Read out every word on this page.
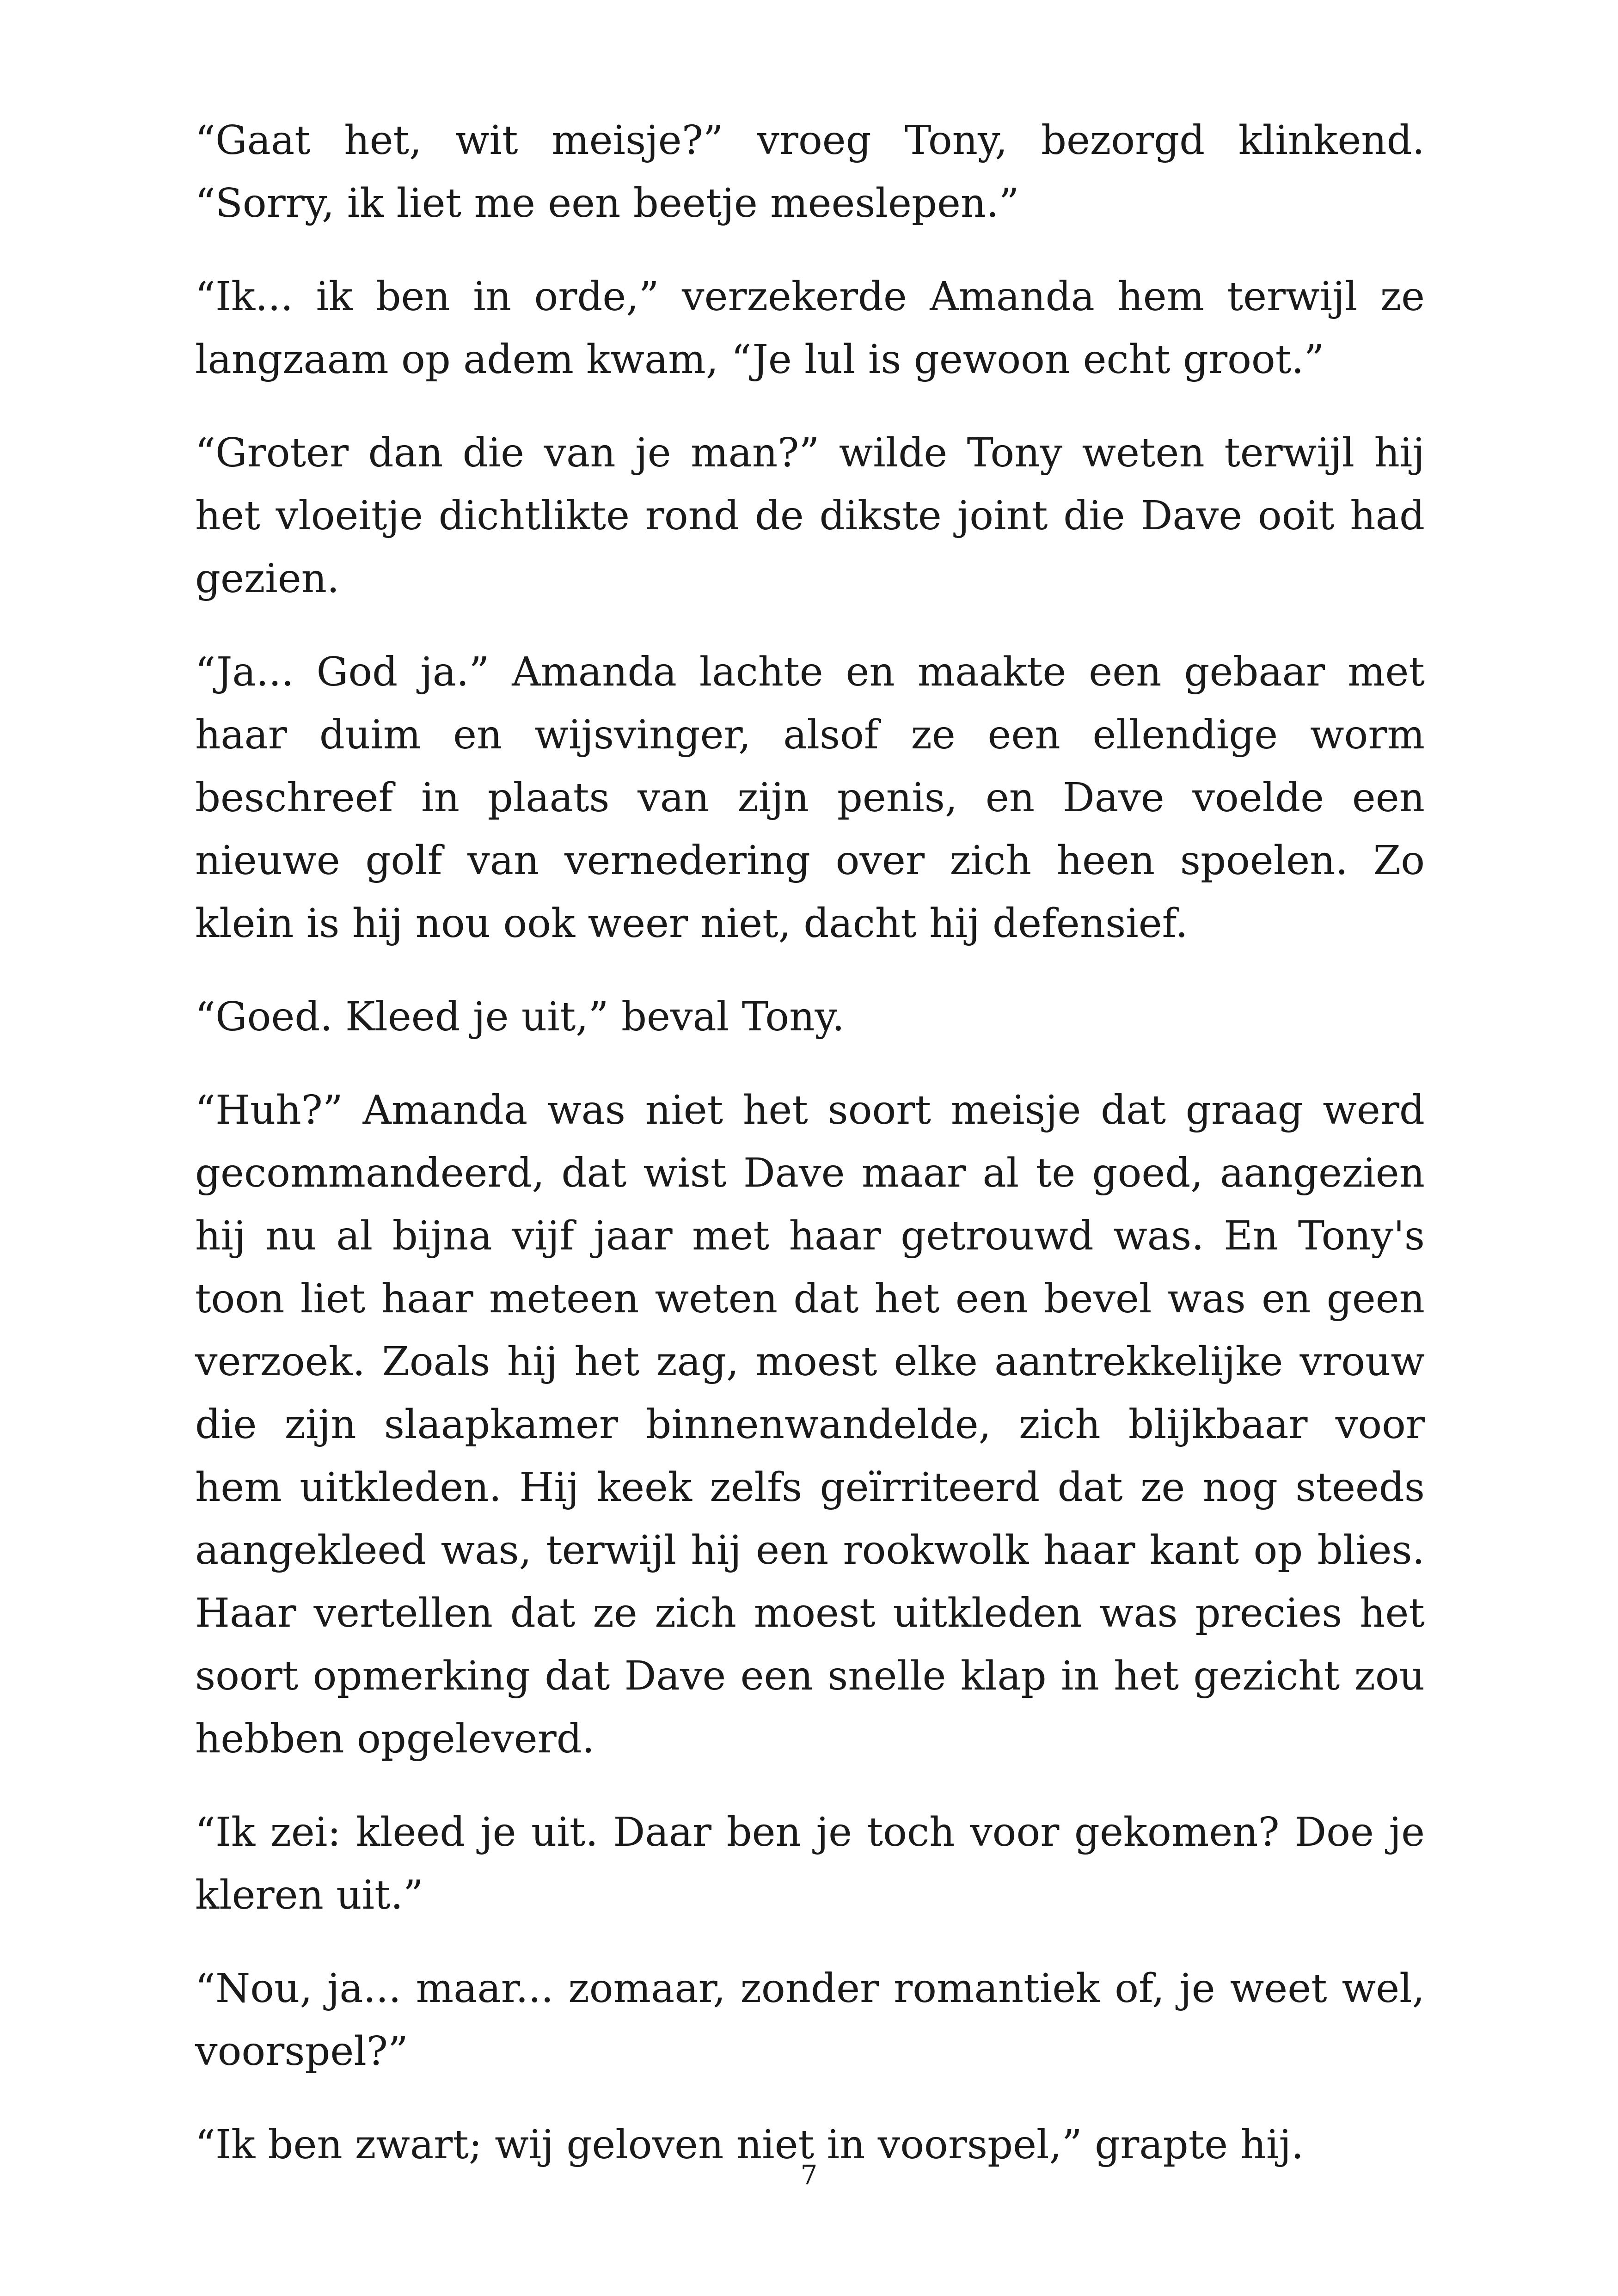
“Gaat het, wit meisje?” vroeg Tony, bezorgd klinkend. “Sorry, ik liet me een beetje meeslepen.”

“Ik... ik ben in orde,” verzekerde Amanda hem terwijl ze langzaam op adem kwam, “Je lul is gewoon echt groot.”

“Groter dan die van je man?” wilde Tony weten terwijl hij het vloeitje dichtlikte rond de dikste joint die Dave ooit had gezien.

“Ja... God ja.” Amanda lachte en maakte een gebaar met haar duim en wijsvinger, alsof ze een ellendige worm beschreef in plaats van zijn penis, en Dave voelde een nieuwe golf van vernedering over zich heen spoelen. Zo klein is hij nou ook weer niet, dacht hij defensief.

“Goed. Kleed je uit,” beval Tony.

“Huh?” Amanda was niet het soort meisje dat graag werd gecommandeerd, dat wist Dave maar al te goed, aangezien hij nu al bijna vijf jaar met haar getrouwd was. En Tony's toon liet haar meteen weten dat het een bevel was en geen verzoek. Zoals hij het zag, moest elke aantrekkelijke vrouw die zijn slaapkamer binnenwandelde, zich blijkbaar voor hem uitkleden. Hij keek zelfs geïrriteerd dat ze nog steeds aangekleed was, terwijl hij een rookwolk haar kant op blies. Haar vertellen dat ze zich moest uitkleden was precies het soort opmerking dat Dave een snelle klap in het gezicht zou hebben opgeleverd.

“Ik zei: kleed je uit. Daar ben je toch voor gekomen? Doe je kleren uit.”

“Nou, ja... maar... zomaar, zonder romantiek of, je weet wel, voorspel?”

“Ik ben zwart; wij geloven niet in voorspel,” grapte hij.

7
